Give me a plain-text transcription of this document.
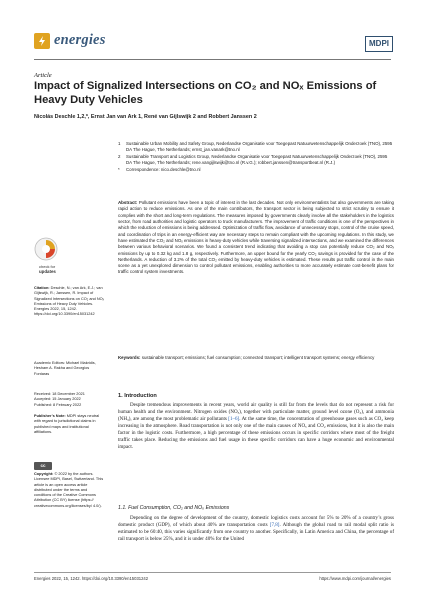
energies	MDPI
Article
Impact of Signalized Intersections on CO₂ and NOₓ Emissions of Heavy Duty Vehicles
Nicolás Deschle 1,2,*, Ernst Jan van Ark 1, René van Gijlswijk 2 and Robbert Janssen 2
1 Sustainable Urban Mobility and Safety Group, Nederlandse Organisatie voor Toegepast Natuurwetenschappelijk Onderzoek (TNO), 2595 DA The Hague, The Netherlands; ernst_jan.vanark@tno.nl
2 Sustainable Transport and Logistics Group, Nederlandse Organisatie voor Toegepast Natuurwetenschappelijk Onderzoek (TNO), 2595 DA The Hague, The Netherlands; rene.vangijlswijk@tno.nl (R.v.G.); robbert.janssen@transportbeat.nl (R.J.)
* Correspondence: nico.deschle@tno.nl
Abstract: Pollutant emissions have been a topic of interest in the last decades. Not only environmentalists but also governments are taking rapid action to reduce emissions. As one of the main contributors, the transport sector is being subjected to strict scrutiny to ensure it complies with the short and long-term regulations. The measures imposed by governments clearly involve all the stakeholders in the logistics sector, from road authorities and logistic operators to truck manufacturers. The improvement of traffic conditions is one of the perspectives in which the reduction of emissions is being addressed. Optimization of traffic flow, avoidance of unnecessary stops, control of the cruise speed, and coordination of trips in an energy-efficient way are necessary steps to remain compliant with the upcoming regulations. In this study, we have estimated the CO₂ and NOₓ emissions in heavy-duty vehicles while traversing signalized intersections, and we examined the differences between various behavioral scenarios. We found a consistent trend indicating that avoiding a stop can potentially reduce CO₂ and NOₓ emissions by up to 0.32 kg and 1.8 g, respectively. Furthermore, an upper bound for the yearly CO₂ savings is provided for the case of the Netherlands. A reduction of 3.2% of the total CO₂ emitted by heavy-duty vehicles is estimated. These results put traffic control in the main scene as a yet unexplored dimension to control pollutant emissions, enabling authorities to more accurately estimate cost-benefit plans for traffic control system investments.
Keywords: sustainable transport; emissions; fuel consumption; connected transport; intelligent transport systems; energy efficiency
check for
updates
Citation: Deschle, N.; van Ark, E.J.; van Gijlswijk, R.; Janssen, R. Impact of Signalized Intersections on CO₂ and NOₓ Emissions of Heavy Duty Vehicles. Energies 2022, 15, 1242. https://doi.org/10.3390/en15031242
Academic Editors: Michael Makridis, Hesham A. Rakha and Georgios Fontaras
Received: 18 December 2021
Accepted: 15 January 2022
Published: 8 February 2022
Publisher’s Note: MDPI stays neutral with regard to jurisdictional claims in published maps and institutional affiliations.
cc
Copyright: © 2022 by the authors. Licensee MDPI, Basel, Switzerland. This article is an open access article distributed under the terms and conditions of the Creative Commons Attribution (CC BY) license (https:// creativecommons.org/licenses/by/ 4.0/).
1. Introduction
Despite tremendous improvements in recent years, world air quality is still far from the levels that do not represent a risk for human health and the environment. Nitrogen oxides (NOₓ), together with particulate matter, ground level ozone (O₃), and ammonia (NH₃), are among the most problematic air pollutants [1–6]. At the same time, the concentration of greenhouse gases such as CO₂ keep increasing in the atmosphere. Road transportation is not only one of the main causes of NOₓ and CO₂ emissions, but it is also the main factor in the logistic costs. Furthermore, a high percentage of these emissions occurs in specific corridors where most of the freight traffic takes place. Reducing the emissions and fuel usage in these specific corridors can have a huge economic and environmental impact.
1.1. Fuel Consumption, CO₂ and NOₓ Emissions
Depending on the degree of development of the country, domestic logistics costs account for 5% to 20% of a country’s gross domestic product (GDP), of which about 40% are transportation costs [7,8]. Although the global road to rail modal split ratio is estimated to be 60:40, this varies significantly from one country to another. Specifically, in Latin America and China, the percentage of rail transport is below 25%, and it is under 40% for the United
Energies 2022, 15, 1242. https://doi.org/10.3390/en15031242	https://www.mdpi.com/journal/energies
